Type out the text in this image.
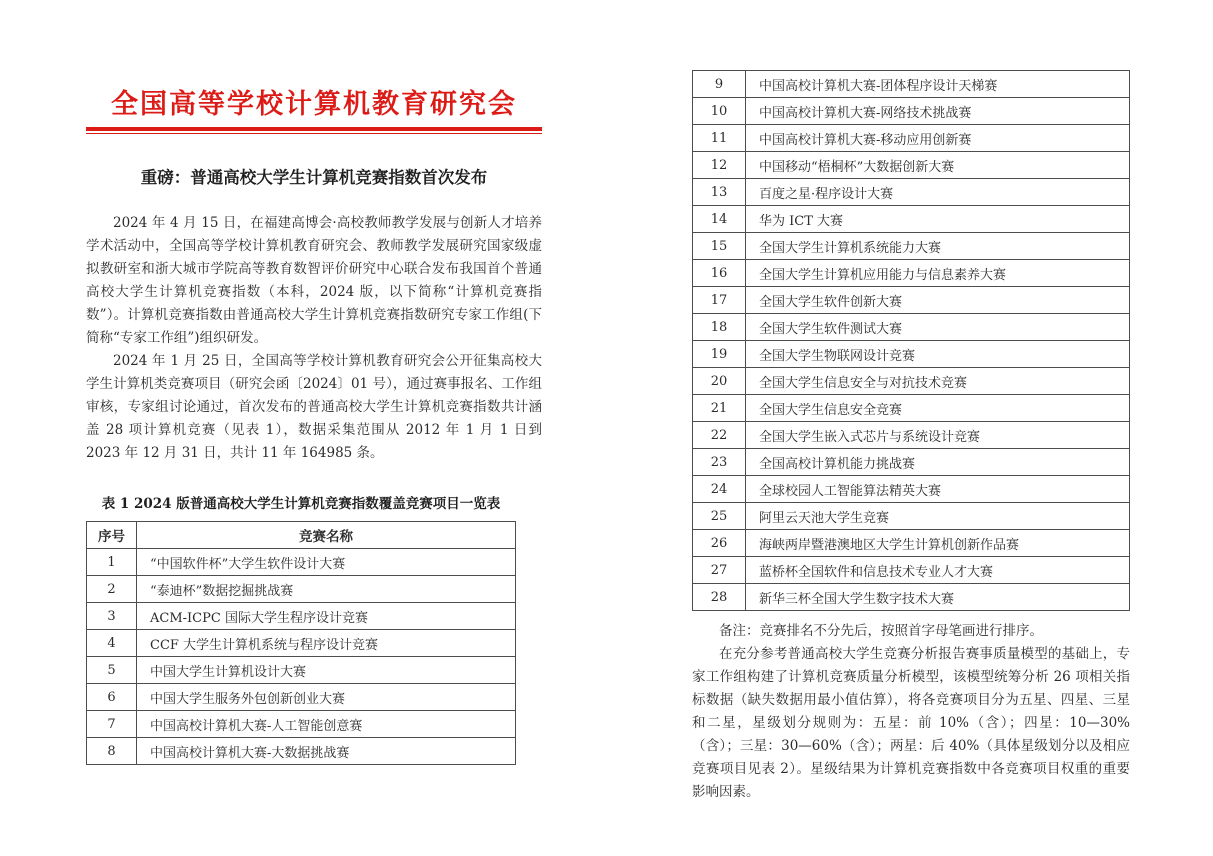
全国高等学校计算机教育研究会
重磅：普通高校大学生计算机竞赛指数首次发布

2024 年 4 月 15 日，在福建高博会·高校教师教学发展与创新人才培养学术活动中，全国高等学校计算机教育研究会、教师教学发展研究国家级虚拟教研室和浙大城市学院高等教育数智评价研究中心联合发布我国首个普通高校大学生计算机竞赛指数（本科，2024 版，以下简称“计算机竞赛指数”）。计算机竞赛指数由普通高校大学生计算机竞赛指数研究专家工作组(下简称“专家工作组”)组织研发。

2024 年 1 月 25 日，全国高等学校计算机教育研究会公开征集高校大学生计算机类竞赛项目（研究会函〔2024〕01 号），通过赛事报名、工作组审核，专家组讨论通过，首次发布的普通高校大学生计算机竞赛指数共计涵盖 28 项计算机竞赛（见表 1），数据采集范围从 2012 年 1 月 1 日到 2023 年 12 月 31 日，共计 11 年 164985 条。

表 1 2024 版普通高校大学生计算机竞赛指数覆盖竞赛项目一览表
序号	竞赛名称
1	“中国软件杯”大学生软件设计大赛
2	“泰迪杯”数据挖掘挑战赛
3	ACM-ICPC 国际大学生程序设计竞赛
4	CCF 大学生计算机系统与程序设计竞赛
5	中国大学生计算机设计大赛
6	中国大学生服务外包创新创业大赛
7	中国高校计算机大赛-人工智能创意赛
8	中国高校计算机大赛-大数据挑战赛
9	中国高校计算机大赛-团体程序设计天梯赛
10	中国高校计算机大赛-网络技术挑战赛
11	中国高校计算机大赛-移动应用创新赛
12	中国移动“梧桐杯”大数据创新大赛
13	百度之星·程序设计大赛
14	华为 ICT 大赛
15	全国大学生计算机系统能力大赛
16	全国大学生计算机应用能力与信息素养大赛
17	全国大学生软件创新大赛
18	全国大学生软件测试大赛
19	全国大学生物联网设计竞赛
20	全国大学生信息安全与对抗技术竞赛
21	全国大学生信息安全竞赛
22	全国大学生嵌入式芯片与系统设计竞赛
23	全国高校计算机能力挑战赛
24	全球校园人工智能算法精英大赛
25	阿里云天池大学生竞赛
26	海峡两岸暨港澳地区大学生计算机创新作品赛
27	蓝桥杯全国软件和信息技术专业人才大赛
28	新华三杯全国大学生数字技术大赛

备注：竞赛排名不分先后，按照首字母笔画进行排序。

在充分参考普通高校大学生竞赛分析报告赛事质量模型的基础上，专家工作组构建了计算机竞赛质量分析模型，该模型统筹分析 26 项相关指标数据（缺失数据用最小值估算），将各竞赛项目分为五星、四星、三星和二星，星级划分规则为：五星：前 10%（含）；四星：10—30%（含）；三星：30—60%（含）；两星：后 40%（具体星级划分以及相应竞赛项目见表 2）。星级结果为计算机竞赛指数中各竞赛项目权重的重要影响因素。
